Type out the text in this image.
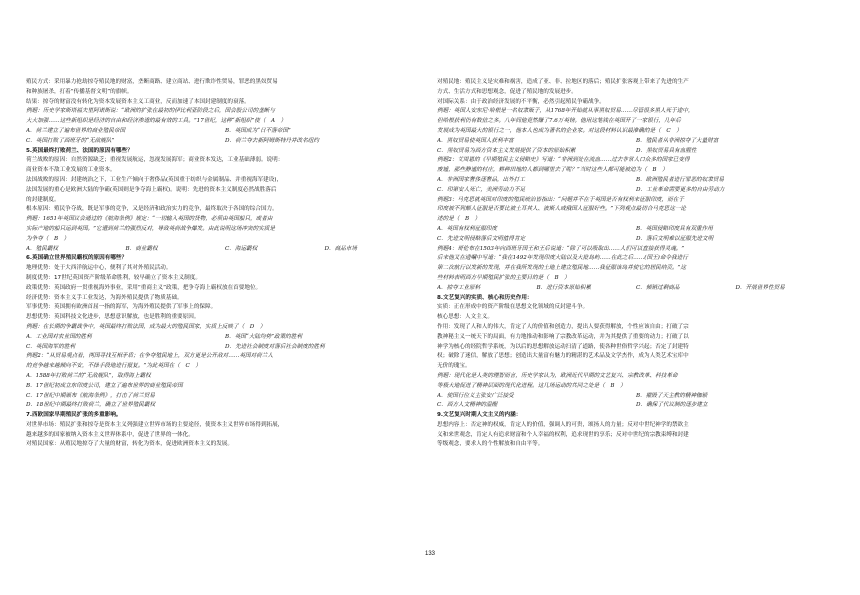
殖民方式：采用暴力抢劫掠夺殖民地的财富，垄断商路、建立商站、进行欺诈性贸易，罪恶的黑奴贸易
和种族屠杀，打着“传播基督文明”的旗帜。
结果：掠夺的财富没有转化为资本发展资本主义工商业，反而加速了本国封建制度的衰落。
例题：历史学家斯塔福夫里阿诺斯说：“欧洲的扩张在最初的伊比利亚阶段之后，国会股公司的垄断与
大大加强……这些新组织是经济的自由和经济渗透的最有效的工具。”17世纪，这种“新组织”使（　A　）
A．荷兰建立了遍布世界的商业殖民帝国	B．英国成为“日不落帝国”
C．英国打败了西班牙的“无敌舰队”	D．荷兰夺去新阿姆斯特丹并改名纽约
5.英国最终打败荷兰、法国的原因有哪些？
荷兰战败的原因：自然资源缺乏；重视发展航运，忽视发展海军；商业资本发达，工业基础薄弱。说明：
商业资本不敌工业发展的工业资本。
法国战败的原因：封建统治之下，工业生产倾向于奢侈品(英国重于纺织与金属制品、并重视海军建设)，
法国发展的重心是欧洲大陆的争霸(英国则是争夺海上霸权)。说明：先进的资本主义制度必然战胜落后
的封建制度。
根本原因：殖民争夺战，既是军事的竞争，又是经济和政治实力的竞争，最终取决于各国的综合国力。
例题：1651年英国议会通过的《航海条例》规定：“一切输入英国的货物，必须由英国船只，或者由
实际产地的船只运到英国。”它遭到荷兰的强烈反对，导致英荷战争爆发。由此说明这场冲突的实质是
为争夺（　B　）
A．殖民霸权	B．商业霸权	C．海运霸权	D．商品市场
6.英国确立世界殖民霸权的原因有哪些？
地理优势：处于大西洋航运中心，便利了其对外殖民活动。
制度优势：17世纪英国资产阶级革命胜利，较早确立了资本主义制度。
政策优势：英国政府一贯重视海外事业，采用“重商主义”政策，把争夺海上霸权放在首要地位。
经济优势：资本主义手工业发达，为海外殖民提供了物质基础。
军事优势：英国拥有欧洲首屈一指的海军，为海外殖民提供了军事上的保障。
思想优势：英国科技文化进步，思想意识解放，也是胜利的重要原因。
例题：在长期的争霸战争中，英国最终打败法国，成为最大的殖民国家，实质上反映了（　D　）
A．工业国对农业国的胜利	B．英国“大陆均势”政策的胜利
C．英国海军的胜利	D．先进社会制度对落后社会制度的胜利
例题2：“从贸易观点看，两国寻找互相矛盾；在争夺殖民地上，双方更是公开敌对……英国对荷兰人
的竞争越来越倾向不安，不择手段地进行报复。”为此英国在（　C　）
A．1588年打败荷兰的“无敌舰队”，取得海上霸权
B．17世纪初成立东印度公司，建立了遍布世界的商业殖民帝国
C．17世纪中期颁布《航海条例》，打击了荷兰贸易
D．18世纪中期最终打败荷兰，确立了世界殖民霸权
7.西欧国家早期殖民扩张的多重影响。
对世界市场：殖民扩张和掠夺是资本主义列强建立世界市场的主要途径，使资本主义世界市场得到拓展，
越来越多的国家被纳入资本主义世界体系中，促进了世界的一体化。
对殖民国家：从殖民地掠夺了大量的财富，转化为资本，促进欧洲资本主义的发展。
对殖民地：殖民主义是灾难和祸害，造成了亚、非、拉地区的落后；殖民扩张客观上带来了先进的生产
方式、生活方式和思想观念，促进了殖民地的发展进步。
对国际关系：由于政治经济发展的不平衡，必然引起殖民争霸战争。
例题：英国人安东尼·哈根是一名奴隶贩子，从1768年开始就从事黑奴贸易……尽管很多黑人死于途中，
但哈根获利仍有数倍之多。八年间他竟然赚了7.6万英镑。他用这笔钱在英国开了一家银行，几年后
发展成为英国最大的银行之一，他本人也成为著名的企业家。对这段材料认识最准确的是（　C　）
A．黑奴贸易使英国人获利丰富	B．殖民者从非洲掠夺了大量财富
C．黑奴贸易为西方资本主义发展提供了资本的原始积累	D．黑奴贸易具有血腥性
例题2：艾周恩的《早期殖民主义侵略史》写道：“非洲到处在流血……过去非常人口众多的国家已变得
废墟，那些静谧的村庄，耕种田地的人都到哪里去了呢？”当时这些人都可能被迫为（　B　）
A．非洲国家奢侈逐奢品，出外打工	B．欧洲殖民者进行罪恶的奴隶贸易
C．印第安人死亡，美洲劳动力不足	D．工业革命需要更多的自由劳动力
例题3：马克思就英国对印度的殖民统治皆指出：“问题并不在于英国是否有权利来征服印度，而在于
印度被不列颠人征服是否要比被土耳其人、波斯人或俄国人征服好些。”下列观点最切合马克思这一论
述的是（　B　）
A．英国有权利征服印度	B．英国侵略印度具有双重作用
C．先进文明侵略落后文明值得肯定	D．落后文明难以征服先进文明
例题4：哥伦布在1503年向西班牙国王和王后说道：“除了可以吸取出……人们可以直接获得灵魂。”
后来他又在遗嘱中写道：“我在1492年发现印度大陆以及大批岛屿……在此之后……(国王)命令我进行
第二次航行以发新的发现，并在我所发现的土地上建立殖民地……我征服该岛并使它的居民纳贡。”这
些材料表明西方早期殖民扩张的主要目的是（　B　）
A．掠夺工业原料	B．进行资本原始积累	C．倾销过剩商品	D．开展世界性贸易
8.文艺复兴的实质、核心和历史作用：
实质：正在形成中的资产阶级在思想文化领域的反封建斗争。
核心思想：人文主义。
作用：发现了人和人的伟大，肯定了人的价值和创造力，提出人要获得解放，个性应该自由；打破了宗
教神秘主义一统天下的局面，有力地推动和影响了宗教改革运动，并为其提供了重要的动力；打破了以
神学为核心的经院哲学系统，为以后的思想解放运动扫清了道路，使各种世俗哲学兴起；否定了封建特
权；破除了迷信，解放了思想；创造出大量富有魅力的精湛的艺术品及文学杰作，成为人类艺术宝库中
无价的瑰宝。
例题：现代化是人类的理智而言，历史学家认为，欧洲近代早期的文艺复兴、宗教改革、科技革命
等极大地促进了精神层面的现代化进程。这几场运动的共同之处是（　B　）
A．使国行位义主张安广泛接受	B．摧毁了天主教的精神枷锁
C．西方人文精神的温醒	D．确保了代议制的逐步建立
9.文艺复兴时期人文主义的内涵：
思想内容上：否定神的权威，肯定人的价值，强调人的可贵，颂扬人的力量；反对中世纪神学的禁欲主
义和来世观念，肯定人有追求财富和个人幸福的权利，追求现世的享乐；反对中世纪的宗教束缚和封建
等级观念，要求人的个性解放和自由平等。
133
